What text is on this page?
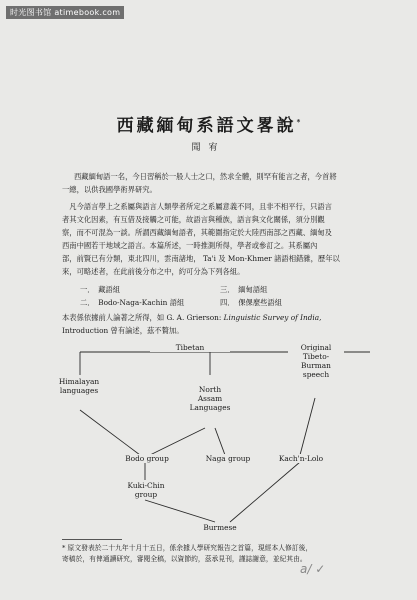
时光图书馆 atimebook.com
西藏緬甸系語文畧說*
聞宥
西藏緬甸語一名，今日習稱於一般人士之口，然求全體，則罕有能言之者，今首將
一總，以供我國學術界研究。
　凡今語言學上之系屬與語言人類學者所定之系屬意義不同，且非不相平行，只語言
者其文化因素，有互借及接觸之可能，故語言與種族，語言與文化關係，須分別觀
察，而不可混為一談。所謂西藏緬甸語者，其範圍指定於大陸西南部之西藏、緬甸及
西南中國若干地域之語言。本篇所述，一時推測所得，學者或參訂之。其系屬內
部，前賢已有分類，東北四川，雲南諸地， Ta'i 及 Mon-Khmer 諸語相錯雜，歷年以
來，可略述者，在此前後分布之中，約可分為下列各組。
一．　藏語組	三．　緬甸語組
二．　Bodo-Naga-Kachin 語組	四．　倮倮麼些語組
本表係依據前人論著之所得，如 G. A. Grierson: Linguistic Survey of India,
Introduction 曾有論述，茲不贅加。
Tibetan
Himalayan
languages	North
Assam
Languages
Original
Tibeto-
Burman
speech
Bodo group	Naga group	Kach'n-Lolo
Kuki-Chin
group
Burmese
* 原文發表於二十九年十月十五日，係余據人學研究報告之首篇，現經本人修訂後，
寄稿於，有俾通讀研究，審閱全稿，以資節約，茲承見刊，謹誌謝意，並紀其由。
a/ ✓
